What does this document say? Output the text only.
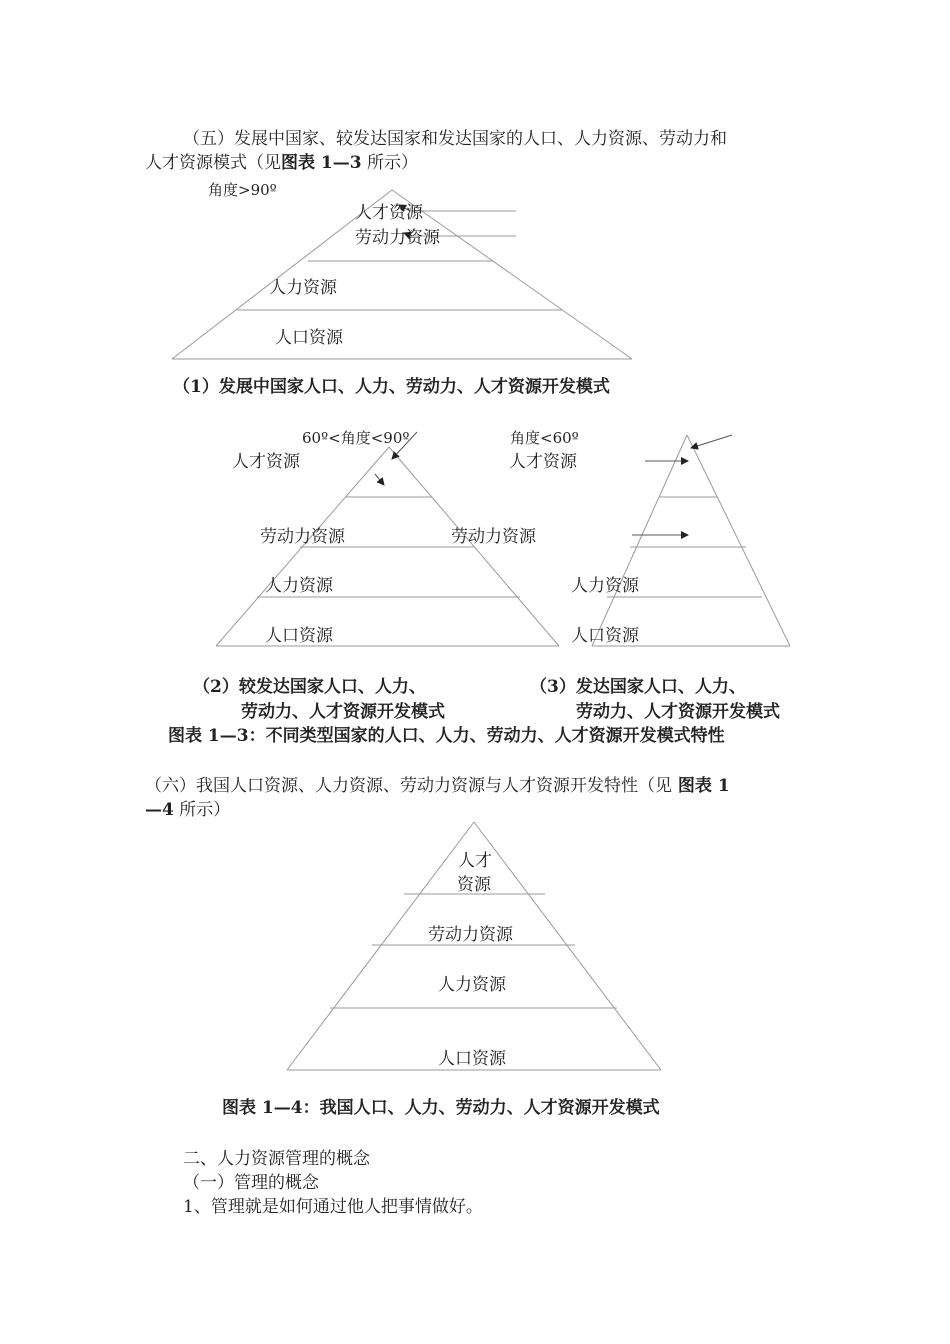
（五）发展中国家、较发达国家和发达国家的人口、人力资源、劳动力和
人才资源模式（见图表 1—3 所示）
角度>90º
人才资源
劳动力资源
人力资源
人口资源
（1）发展中国家人口、人力、劳动力、人才资源开发模式
60º<角度<90º
人才资源
劳动力资源	劳动力资源
人力资源
人口资源
（2）较发达国家人口、人力、
劳动力、人才资源开发模式
角度<60º
人才资源
人力资源
人口资源
（3）发达国家人口、人力、
劳动力、人才资源开发模式
图表 1—3：不同类型国家的人口、人力、劳动力、人才资源开发模式特性
（六）我国人口资源、人力资源、劳动力资源与人才资源开发特性（见 图表 1
—4 所示）
人才
资源
劳动力资源
人力资源
人口资源
图表 1—4：我国人口、人力、劳动力、人才资源开发模式
二、人力资源管理的概念
（一）管理的概念
1、管理就是如何通过他人把事情做好。
